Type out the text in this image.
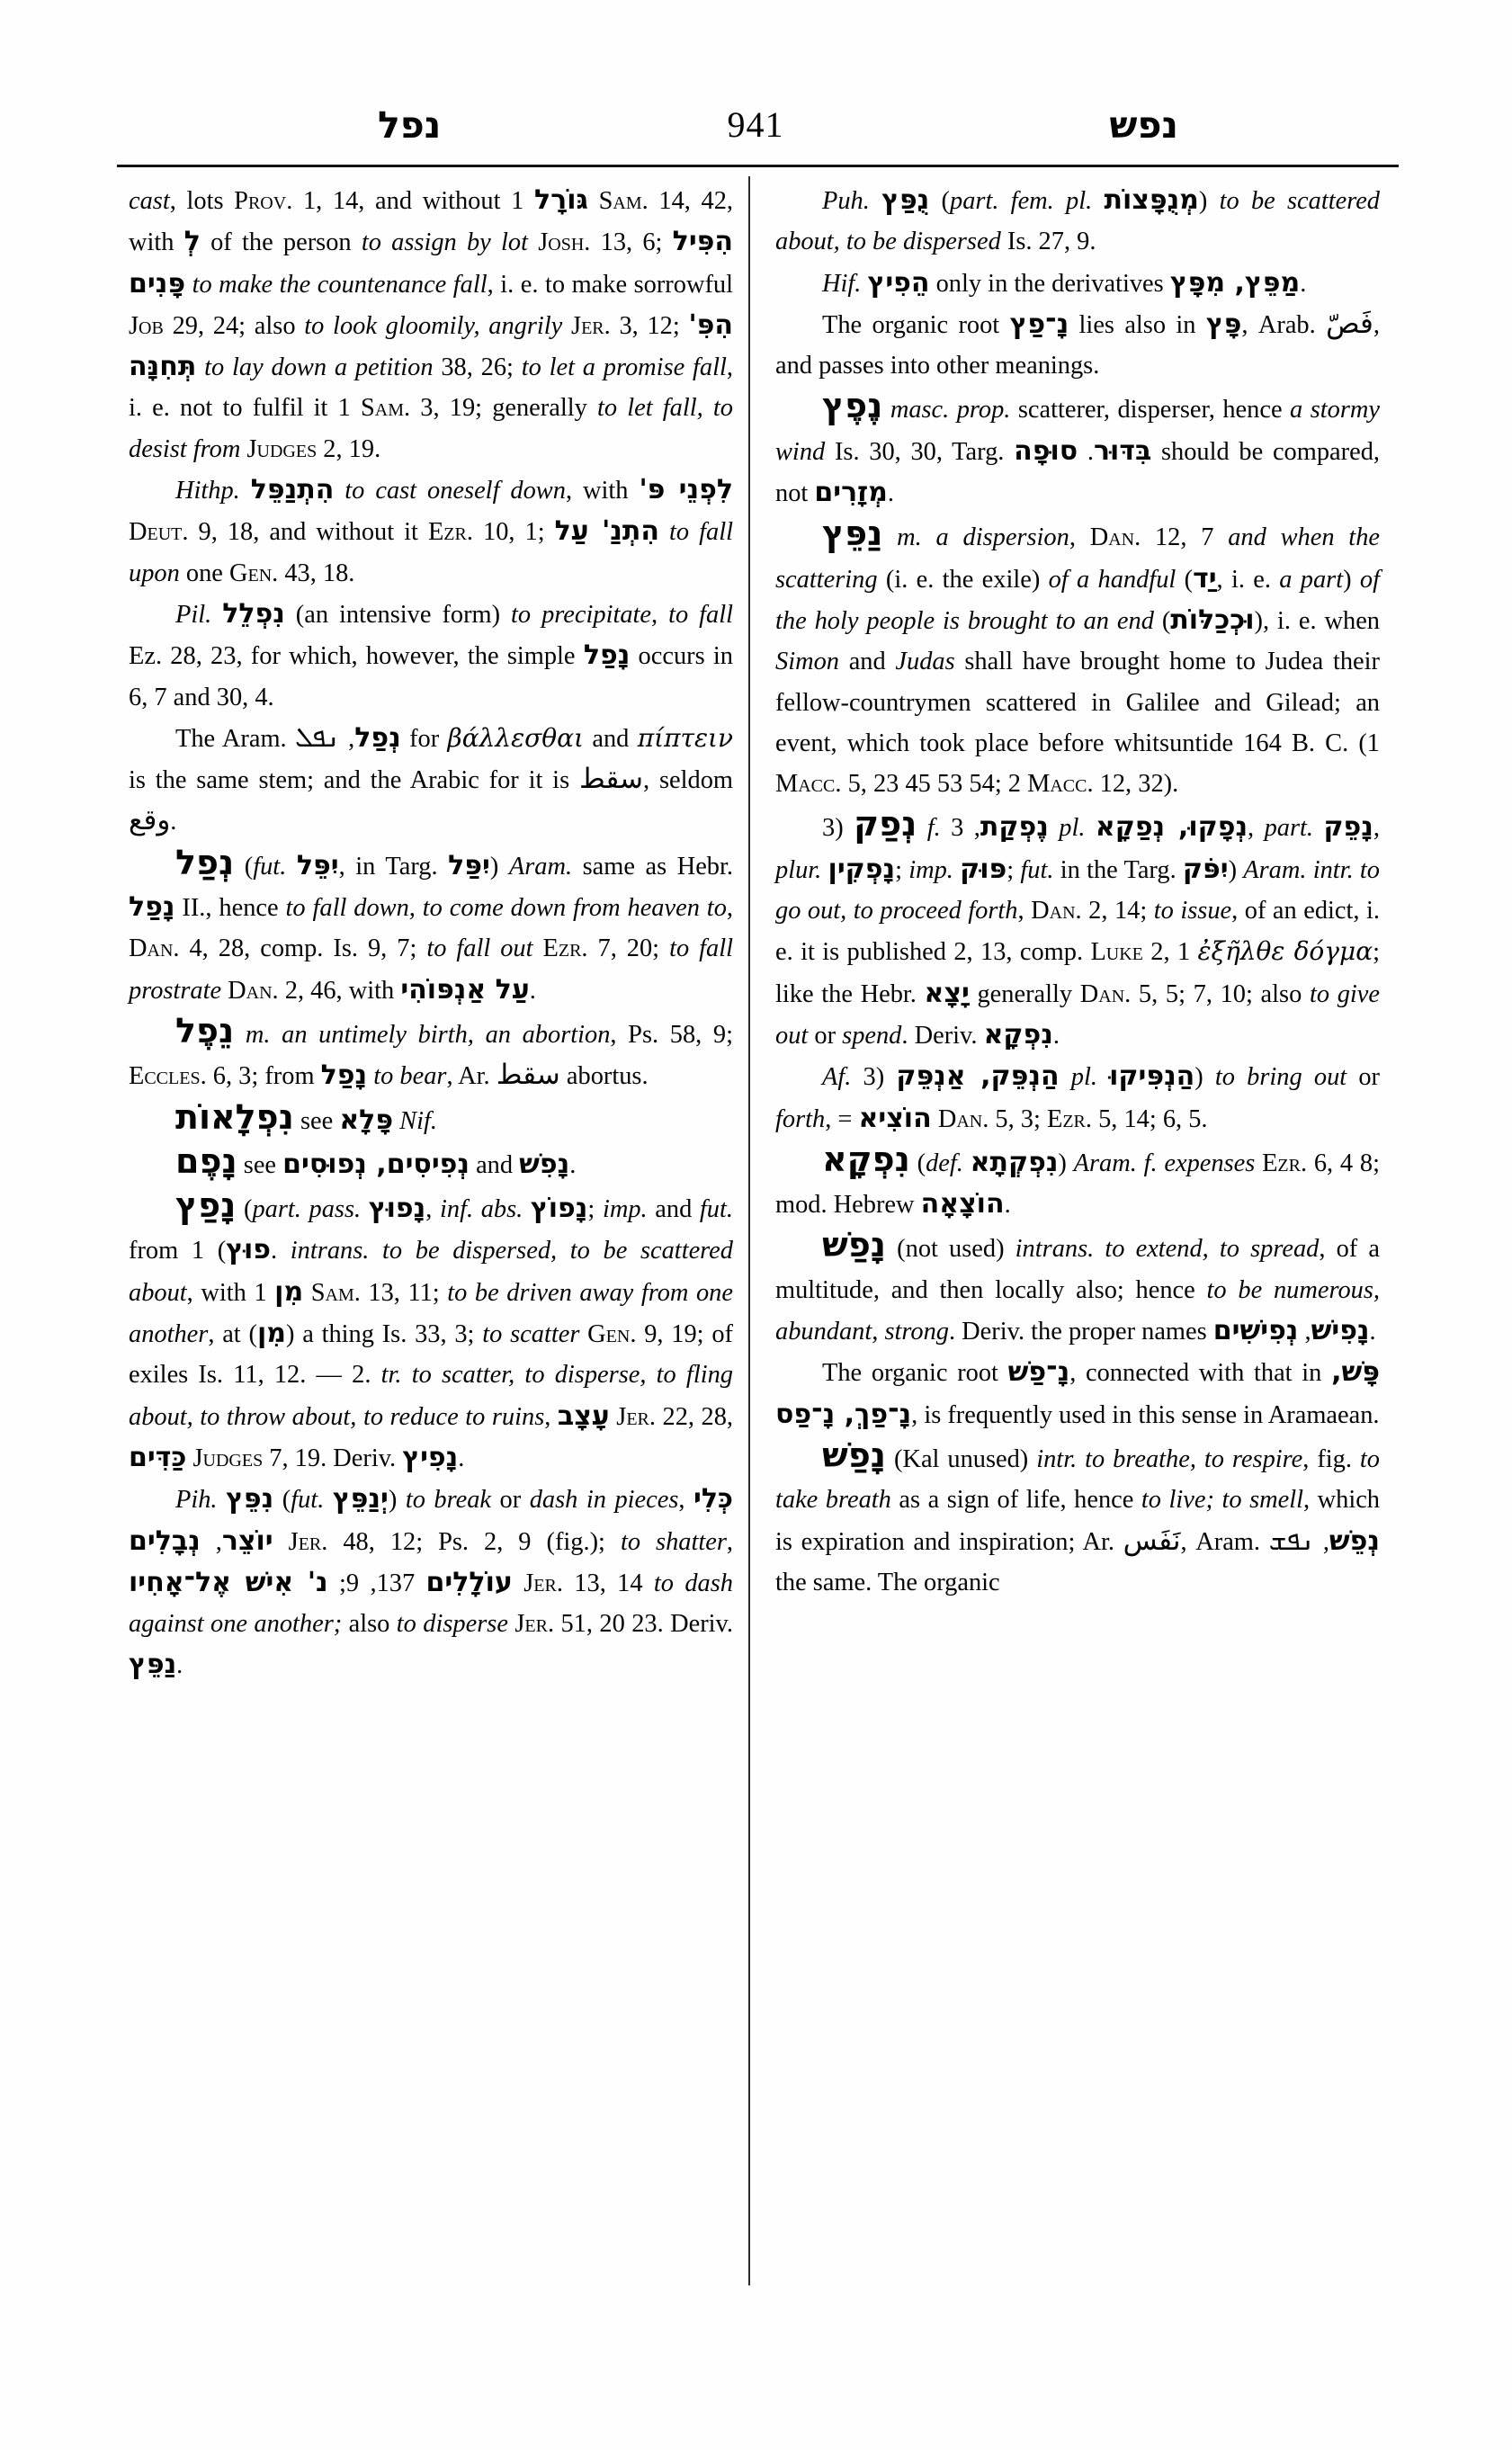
נפל	941	נפש

cast, lots Prov. 1, 14, and without גּוֹרָל 1 Sam. 14, 42, with לְ of the person to assign by lot Josh. 13, 6; הִפִּיל פָּנִים to make the countenance fall, i. e. to make sorrowful Job 29, 24; also to look gloomily, angrily Jer. 3, 12; הִפִּ' תְּחִנָּה to lay down a petition 38, 26; to let a promise fall, i. e. not to fulfil it 1 Sam. 3, 19; generally to let fall, to desist from Judges 2, 19.

Hithp. הִתְנַפֵּל to cast oneself down, with לִפְנֵי פּ' Deut. 9, 18, and without it Ezr. 10, 1; הִתְנַ' עַל to fall upon one Gen. 43, 18.

Pil. נִפְלֵל (an intensive form) to precipitate, to fall Ez. 28, 23, for which, however, the simple נָפַל occurs in 6, 7 and 30, 4.

The Aram. נְפַל, ܢܦܠ for βάλλεσθαι and πίπτειν is the same stem; and the Arabic for it is سقط, seldom وقع.

נְפַל (fut. יִפֵּל, in Targ. יִפַּל) Aram. same as Hebr. נָפַל II., hence to fall down, to come down from heaven to, Dan. 4, 28, comp. Is. 9, 7; to fall out Ezr. 7, 20; to fall prostrate Dan. 2, 46, with עַל אַנְפּוֹהִי.

נֵפֶל m. an untimely birth, an abortion, Ps. 58, 9; Eccles. 6, 3; from נָפַל to bear, Ar. سقط abortus.

נִפְלָאוֹת see פָּלָא Nif.

נָפֶם see נְפִיסִים, נְפוּסִים and נָפִשׁ.

נָפַץ (part. pass. נָפוּץ, inf. abs. נָפוֹץ; imp. and fut. from פוּץ) 1. intrans. to be dispersed, to be scattered about, with מִן 1 Sam. 13, 11; to be driven away from one another, at (מִן) a thing Is. 33, 3; to scatter Gen. 9, 19; of exiles Is. 11, 12. — 2. tr. to scatter, to disperse, to fling about, to throw about, to reduce to ruins, עָצָב Jer. 22, 28, כַּדִּים Judges 7, 19. Deriv. נָפִיץ.

Pih. נִפֵּץ (fut. יְנַפֵּץ) to break or dash in pieces, כְּלִי יוֹצֵר, נְבָלִים	Jer. 48, 12; Ps. 2, 9 (fig.); to shatter, עוֹלָלִים 137, 9; נ' אִישׁ אֶל־אָחִיו	Jer. 13, 14 to dash against one another; also to disperse Jer. 51, 20 23. Deriv. נַפֵּץ.

Puh. נֻפַּץ (part. fem. pl. מְנֻפָּצוֹת) to be scattered about, to be dispersed Is. 27, 9.

Hif. הֵפִיץ only in the derivatives מַפֵּץ, מִפָּץ.

The organic root נָ־פַץ lies also in פָּץ, Arab. فَصّ, and passes into other meanings.

נֶפֶץ masc. prop. scatterer, disperser, hence a stormy wind Is. 30, 30, Targ.	בִּדּוּר. סוּפָה	should be compared, not מְזָרִים.

נַפֵּץ m. a dispersion, Dan. 12, 7 and when the scattering (i. e. the exile) of a handful (יַד, i. e. a part) of the holy people is brought to an end (וּכְכַלּוֹת), i. e. when Simon and Judas shall have brought home to Judea their fellow-countrymen scattered in Galilee and Gilead; an event, which took place before whitsuntide 164 B. C. (1 Macc. 5, 23 45 53 54; 2 Macc. 12, 32).

נְפַק (3 f. נֶפְקַת, 3 pl. נְפָקוּ, נְפַקָא, part. נָפֵק, plur. נָפְקִין; imp. פּוּק; fut. in the Targ. יִפֹּק) Aram. intr. to go out, to proceed forth, Dan. 2, 14; to issue, of an edict, i. e. it is published 2, 13, comp. Luke 2, 1 ἐξῆλθε δόγμα; like the Hebr. יָצָא generally Dan. 5, 5; 7, 10; also to give out or spend. Deriv. נִפְקָא.

Af. הַנְפֵּק, אַנְפֵּק (3 pl. הַנְפִּיקוּ) to bring out or forth, = הוֹצִיא Dan. 5, 3; Ezr. 5, 14; 6, 5.

נִפְקָא (def. נִפְקְתָא) Aram. f. expenses Ezr. 6, 4 8; mod. Hebrew הוֹצָאָה.

נָפַשׁ (not used) intrans. to extend, to spread, of a multitude, and then locally also; hence to be numerous, abundant, strong. Deriv. the proper names	נָפִישׁ, נְפִישִׁים	.

The organic root נָ־פַשׁ, connected with that in פָּשׁ, נָ־פַךְ, נָ־פַס, is frequently used in this sense in Aramaean.

נָפַשׁ (Kal unused) intr. to breathe, to respire, fig. to take breath as a sign of life, hence to live; to smell, which is expiration and inspiration; Ar. نَفَس, Aram. נְפֵשׁ, ܢܦܫ the same. The organic
